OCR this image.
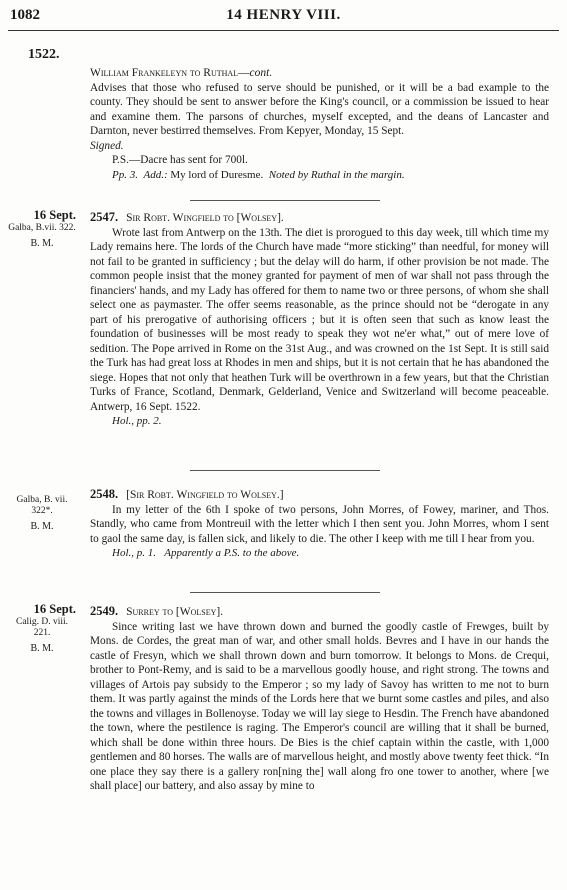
1082	14 HENRY VIII.
1522.

William Frankeleyn to Ruthal—cont.

Advises that those who refused to serve should be punished, or it will be a bad example to the county. They should be sent to answer before the King's council, or a commission be issued to hear and examine them. The parsons of churches, myself excepted, and the deans of Lancaster and Darnton, never bestirred themselves. From Kepyer, Monday, 15 Sept.

Signed.

P.S.—Dacre has sent for 700l.

Pp. 3. Add.: My lord of Duresme. Noted by Ruthal in the margin.

16 Sept.
Galba, B.vii. 322.
B. M.

2547. Sir Robt. Wingfield to [Wolsey].

Wrote last from Antwerp on the 13th. The diet is prorogued to this day week, till which time my Lady remains here. The lords of the Church have made “more sticking” than needful, for money will not fail to be granted in sufficiency ; but the delay will do harm, if other provision be not made. The common people insist that the money granted for payment of men of war shall not pass through the financiers' hands, and my Lady has offered for them to name two or three persons, of whom she shall select one as paymaster. The offer seems reasonable, as the prince should not be “derogate in any part of his prerogative of authorising officers ; but it is often seen that such as know least the foundation of businesses will be most ready to speak they wot ne'er what,” out of mere love of sedition. The Pope arrived in Rome on the 31st Aug., and was crowned on the 1st Sept. It is still said the Turk has had great loss at Rhodes in men and ships, but it is not certain that he has abandoned the siege. Hopes that not only that heathen Turk will be overthrown in a few years, but that the Christian Turks of France, Scotland, Denmark, Gelderland, Venice and Switzerland will become peaceable. Antwerp, 16 Sept. 1522.

Hol., pp. 2.

Galba, B. vii. 322*.
B. M.

2548. [Sir Robt. Wingfield to Wolsey.]

In my letter of the 6th I spoke of two persons, John Morres, of Fowey, mariner, and Thos. Standly, who came from Montreuil with the letter which I then sent you. John Morres, whom I sent to gaol the same day, is fallen sick, and likely to die. The other I keep with me till I hear from you.

Hol., p. 1. Apparently a P.S. to the above.

16 Sept.
Calig. D. viii. 221.
B. M.

2549. Surrey to [Wolsey].

Since writing last we have thrown down and burned the goodly castle of Frewges, built by Mons. de Cordes, the great man of war, and other small holds. Bevres and I have in our hands the castle of Fresyn, which we shall thrown down and burn tomorrow. It belongs to Mons. de Crequi, brother to Pont-Remy, and is said to be a marvellous goodly house, and right strong. The towns and villages of Artois pay subsidy to the Emperor ; so my lady of Savoy has written to me not to burn them. It was partly against the minds of the Lords here that we burnt some castles and piles, and also the towns and villages in Bollenoyse. Today we will lay siege to Hesdin. The French have abandoned the town, where the pestilence is raging. The Emperor's council are willing that it shall be burned, which shall be done within three hours. De Bies is the chief captain within the castle, with 1,000 gentlemen and 80 horses. The walls are of marvellous height, and mostly above twenty feet thick. “In one place they say there is a gallery ron[ning the] wall along fro one tower to another, where [we shall place] our battery, and also assay by mine to
